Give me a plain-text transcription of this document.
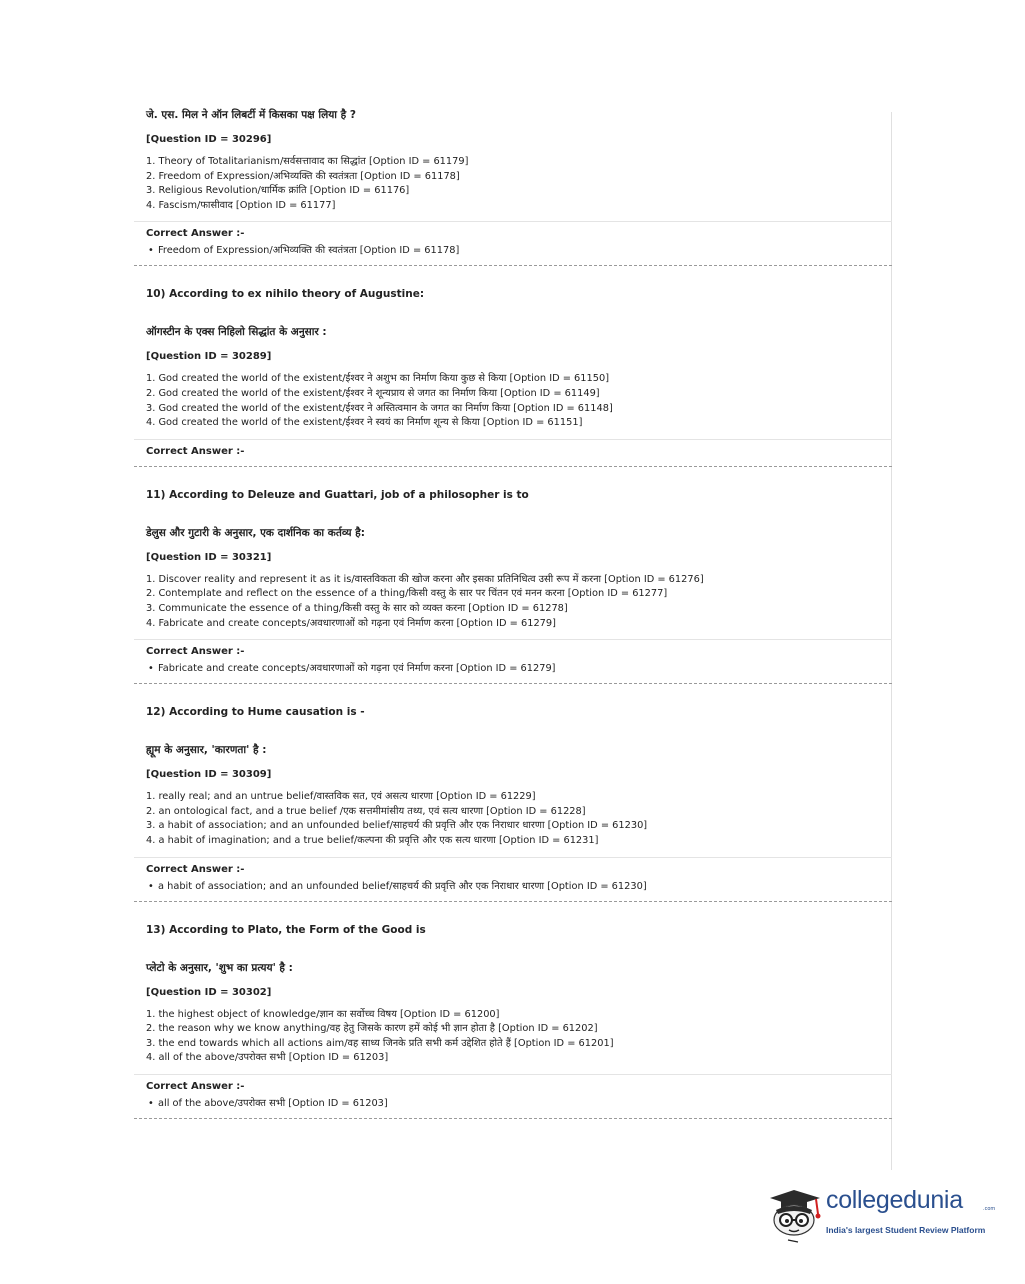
जे. एस. मिल ने ऑन लिबर्टी में किसका पक्ष लिया है ?

[Question ID = 30296]

1. Theory of Totalitarianism/सर्वसत्तावाद का सिद्धांत [Option ID = 61179]
2. Freedom of Expression/अभिव्यक्ति की स्वतंत्रता [Option ID = 61178]
3. Religious Revolution/धार्मिक क्रांति [Option ID = 61176]
4. Fascism/फासीवाद [Option ID = 61177]

Correct Answer :-

• Freedom of Expression/अभिव्यक्ति की स्वतंत्रता [Option ID = 61178]

10) According to ex nihilo theory of Augustine:

ऑगस्टीन के एक्स निहिलो सिद्धांत के अनुसार :

[Question ID = 30289]

1. God created the world of the existent/ईश्वर ने अशुभ का निर्माण किया कुछ से किया [Option ID = 61150]
2. God created the world of the existent/ईश्वर ने शून्यप्राय से जगत का निर्माण किया [Option ID = 61149]
3. God created the world of the existent/ईश्वर ने अस्तित्वमान के जगत का निर्माण किया [Option ID = 61148]
4. God created the world of the existent/ईश्वर ने स्वयं का निर्माण शून्य से किया [Option ID = 61151]

Correct Answer :-

11) According to Deleuze and Guattari, job of a philosopher is to

डेलुस और गुटारी के अनुसार, एक दार्शनिक का कर्तव्य है:

[Question ID = 30321]

1. Discover reality and represent it as it is/वास्तविकता की खोज करना और इसका प्रतिनिधित्व उसी रूप में करना [Option ID = 61276]
2. Contemplate and reflect on the essence of a thing/किसी वस्तु के सार पर चिंतन एवं मनन करना [Option ID = 61277]
3. Communicate the essence of a thing/किसी वस्तु के सार को व्यक्त करना [Option ID = 61278]
4. Fabricate and create concepts/अवधारणाओं को गढ़ना एवं निर्माण करना [Option ID = 61279]

Correct Answer :-

• Fabricate and create concepts/अवधारणाओं को गढ़ना एवं निर्माण करना [Option ID = 61279]

12) According to Hume causation is -

ह्यूम के अनुसार, 'कारणता' है :

[Question ID = 30309]

1. really real; and an untrue belief/वास्तविक सत, एवं असत्य धारणा [Option ID = 61229]
2. an ontological fact, and a true belief /एक सत्तमीमांसीय तथ्य, एवं सत्य धारणा [Option ID = 61228]
3. a habit of association; and an unfounded belief/साहचर्य की प्रवृत्ति और एक निराधार धारणा [Option ID = 61230]
4. a habit of imagination; and a true belief/कल्पना की प्रवृत्ति और एक सत्य धारणा [Option ID = 61231]

Correct Answer :-

• a habit of association; and an unfounded belief/साहचर्य की प्रवृत्ति और एक निराधार धारणा [Option ID = 61230]

13) According to Plato, the Form of the Good is

प्लेटो के अनुसार, 'शुभ का प्रत्यय' है :

[Question ID = 30302]

1. the highest object of knowledge/ज्ञान का सर्वोच्च विषय [Option ID = 61200]
2. the reason why we know anything/वह हेतु जिसके कारण हमें कोई भी ज्ञान होता है [Option ID = 61202]
3. the end towards which all actions aim/वह साध्य जिनके प्रति सभी कर्म उद्देशित होते हैं [Option ID = 61201]
4. all of the above/उपरोक्त सभी [Option ID = 61203]

Correct Answer :-

• all of the above/उपरोक्त सभी [Option ID = 61203]

collegedunia	.com
India's largest Student Review Platform
